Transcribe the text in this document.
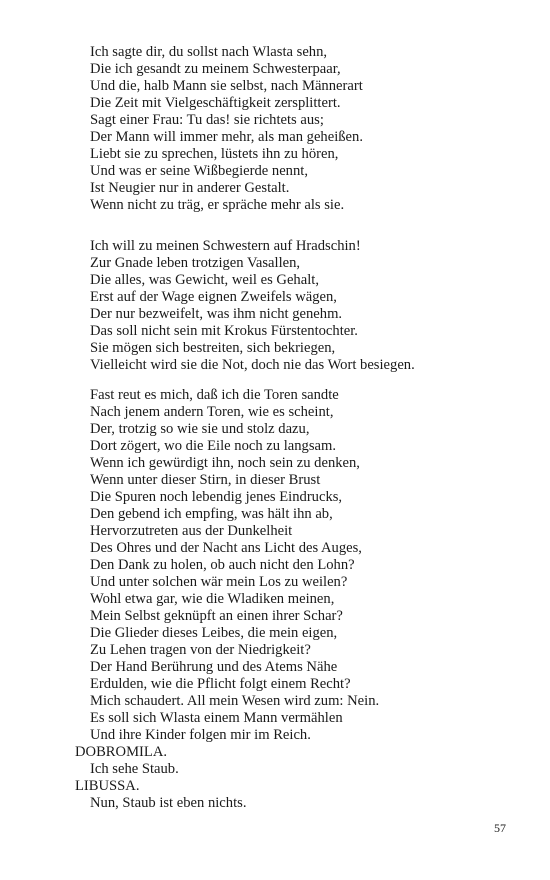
Ich sagte dir, du sollst nach Wlasta sehn,
Die ich gesandt zu meinem Schwesterpaar,
Und die, halb Mann sie selbst, nach Männerart
Die Zeit mit Vielgeschäftigkeit zersplittert.
Sagt einer Frau: Tu das! sie richtets aus;
Der Mann will immer mehr, als man geheißen.
Liebt sie zu sprechen, lüstets ihn zu hören,
Und was er seine Wißbegierde nennt,
Ist Neugier nur in anderer Gestalt.
Wenn nicht zu träg, er spräche mehr als sie.
Ich will zu meinen Schwestern auf Hradschin!
Zur Gnade leben trotzigen Vasallen,
Die alles, was Gewicht, weil es Gehalt,
Erst auf der Wage eignen Zweifels wägen,
Der nur bezweifelt, was ihm nicht genehm.
Das soll nicht sein mit Krokus Fürstentochter.
Sie mögen sich bestreiten, sich bekriegen,
Vielleicht wird sie die Not, doch nie das Wort besiegen.
Fast reut es mich, daß ich die Toren sandte
Nach jenem andern Toren, wie es scheint,
Der, trotzig so wie sie und stolz dazu,
Dort zögert, wo die Eile noch zu langsam.
Wenn ich gewürdigt ihn, noch sein zu denken,
Wenn unter dieser Stirn, in dieser Brust
Die Spuren noch lebendig jenes Eindrucks,
Den gebend ich empfing, was hält ihn ab,
Hervorzutreten aus der Dunkelheit
Des Ohres und der Nacht ans Licht des Auges,
Den Dank zu holen, ob auch nicht den Lohn?
Und unter solchen wär mein Los zu weilen?
Wohl etwa gar, wie die Wladiken meinen,
Mein Selbst geknüpft an einen ihrer Schar?
Die Glieder dieses Leibes, die mein eigen,
Zu Lehen tragen von der Niedrigkeit?
Der Hand Berührung und des Atems Nähe
Erdulden, wie die Pflicht folgt einem Recht?
Mich schaudert. All mein Wesen wird zum: Nein.
Es soll sich Wlasta einem Mann vermählen
Und ihre Kinder folgen mir im Reich.
DOBROMILA.
Ich sehe Staub.
LIBUSSA.
Nun, Staub ist eben nichts.
57
